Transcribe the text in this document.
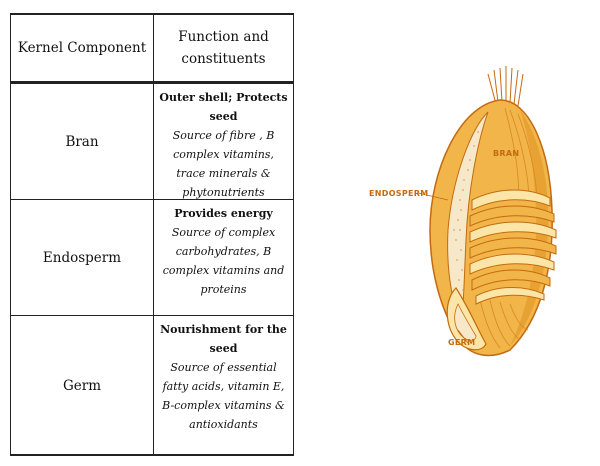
Kernel Component
Function and constituents
Bran
Outer shell; Protects seed
Source of fibre , B complex vitamins, trace minerals & phytonutrients
Endosperm
Provides energy
Source of complex carbohydrates, B complex vitamins and proteins
Germ
Nourishment for the seed
Source of essential fatty acids, vitamin E, B-complex vitamins & antioxidants
ENDOSPERM
BRAN
GERM
